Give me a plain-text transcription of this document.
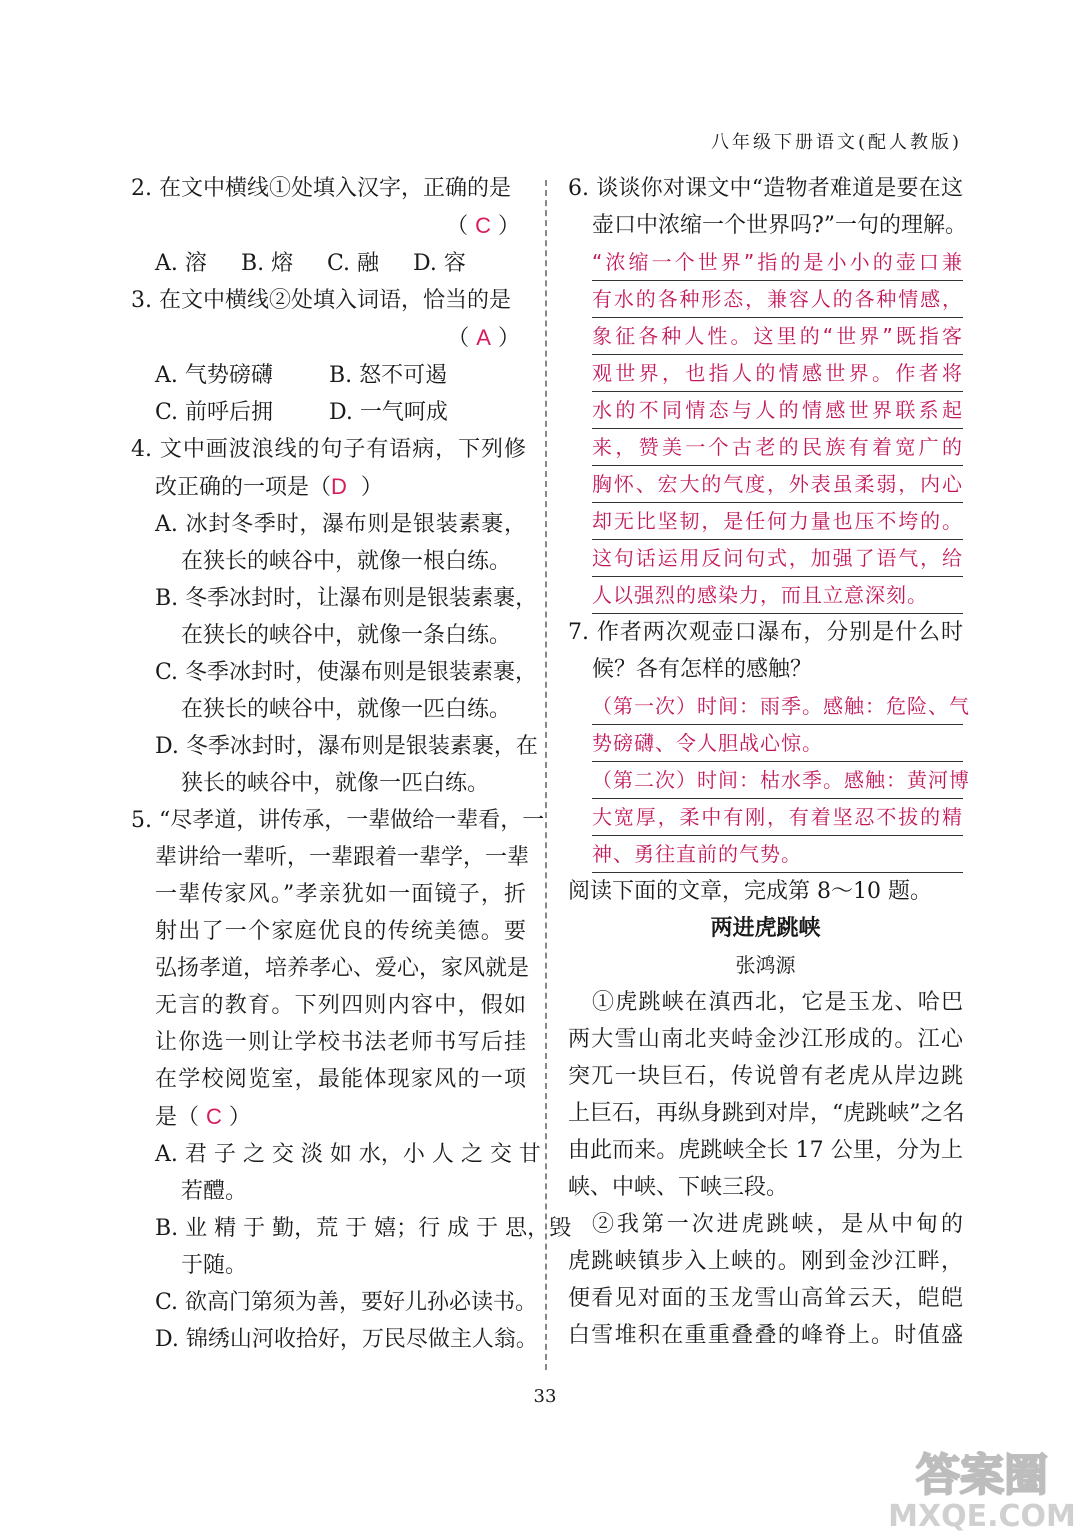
八年级下册语文(配人教版)
2. 在文中横线①处填入汉字，正确的是
（ C ）
A. 溶	B. 熔	C. 融	D. 容
3. 在文中横线②处填入词语，恰当的是
（ A ）
A. 气势磅礴	B. 怒不可遏
C. 前呼后拥	D. 一气呵成
4. 文中画波浪线的句子有语病，下列修
改正确的一项是（D ）
A. 冰封冬季时，瀑布则是银装素裹，
在狭长的峡谷中，就像一根白练。
B. 冬季冰封时，让瀑布则是银装素裹，
在狭长的峡谷中，就像一条白练。
C. 冬季冰封时，使瀑布则是银装素裹，
在狭长的峡谷中，就像一匹白练。
D. 冬季冰封时，瀑布则是银装素裹，在
狭长的峡谷中，就像一匹白练。
5. “尽孝道，讲传承，一辈做给一辈看，一
辈讲给一辈听，一辈跟着一辈学，一辈
一辈传家风。”孝亲犹如一面镜子，折
射出了一个家庭优良的传统美德。要
弘扬孝道，培养孝心、爱心，家风就是
无言的教育。下列四则内容中，假如
让你选一则让学校书法老师书写后挂
在学校阅览室，最能体现家风的一项
是（ C ）
A. 君 子 之 交 淡 如 水，小 人 之 交 甘
若醴。
B. 业 精 于 勤，荒 于 嬉；行 成 于 思，毁
于随。
C. 欲高门第须为善，要好儿孙必读书。
D. 锦绣山河收拾好，万民尽做主人翁。
6. 谈谈你对课文中“造物者难道是要在这
壶口中浓缩一个世界吗?”一句的理解。
“浓缩一个世界”指的是小小的壶口兼
有水的各种形态，兼容人的各种情感，
象征各种人性。这里的“世界”既指客
观世界，也指人的情感世界。作者将
水的不同情态与人的情感世界联系起
来，赞美一个古老的民族有着宽广的
胸怀、宏大的气度，外表虽柔弱，内心
却无比坚韧，是任何力量也压不垮的。
这句话运用反问句式，加强了语气，给
人以强烈的感染力，而且立意深刻。
7. 作者两次观壶口瀑布，分别是什么时
候？各有怎样的感触？
（第一次）时间：雨季。感触：危险、气
势磅礴、令人胆战心惊。
（第二次）时间：枯水季。感触：黄河博
大宽厚，柔中有刚，有着坚忍不拔的精
神、勇往直前的气势。
阅读下面的文章，完成第 8～10 题。
两进虎跳峡
张鸿源
①虎跳峡在滇西北，它是玉龙、哈巴
两大雪山南北夹峙金沙江形成的。江心
突兀一块巨石，传说曾有老虎从岸边跳
上巨石，再纵身跳到对岸，“虎跳峡”之名
由此而来。虎跳峡全长 17 公里，分为上
峡、中峡、下峡三段。
②我第一次进虎跳峡，是从中甸的
虎跳峡镇步入上峡的。刚到金沙江畔，
便看见对面的玉龙雪山高耸云天，皑皑
白雪堆积在重重叠叠的峰脊上。时值盛
33
答案圈
MXQE.COM
